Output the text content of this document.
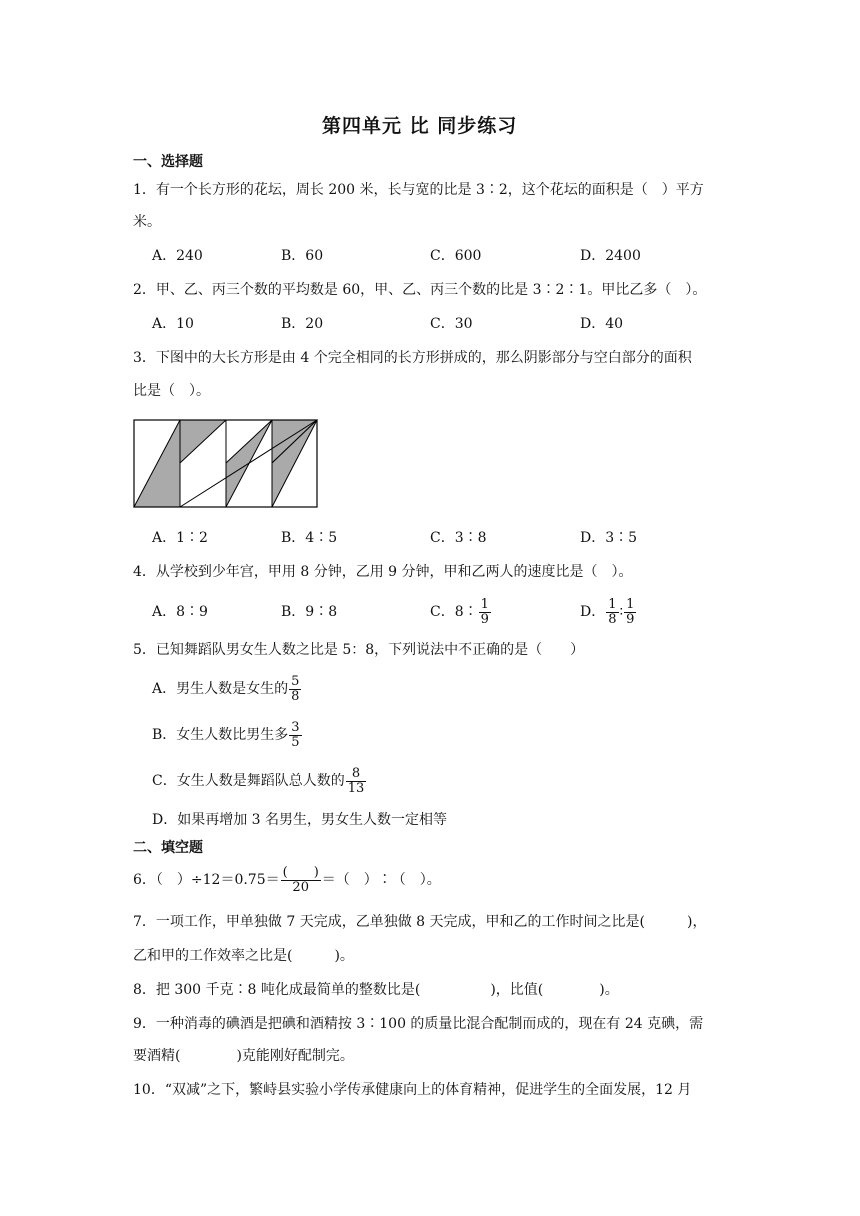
第四单元 比 同步练习
一、选择题
1．有一个长方形的花坛，周长 200 米，长与宽的比是 3∶2，这个花坛的面积是（　）平方
米。
A．240	B．60	C．600	D．2400
2．甲、乙、丙三个数的平均数是 60，甲、乙、丙三个数的比是 3∶2∶1。甲比乙多（　）。
A．10	B．20	C．30	D．40
3．下图中的大长方形是由 4 个完全相同的长方形拼成的，那么阴影部分与空白部分的面积
比是（　）。
A．1∶2	B．4∶5	C．3∶8	D．3∶5
4．从学校到少年宫，甲用 8 分钟，乙用 9 分钟，甲和乙两人的速度比是（　）。
A．8∶9	B．9∶8	C．8∶ $\frac{1}{9}$	D． $\frac{1}{8}$ ∶ $\frac{1}{9}$
5．已知舞蹈队男女生人数之比是 5：8，下列说法中不正确的是（　　）
A．男生人数是女生的 $\frac{5}{8}$
B．女生人数比男生多 $\frac{3}{5}$
C．女生人数是舞蹈队总人数的 $\frac{8}{13}$
D．如果再增加 3 名男生，男女生人数一定相等
二、填空题
6．（　）$\div 12=0.75= \frac{( )}{20}$ ＝（　）∶（　）。
7．一项工作，甲单独做 7 天完成，乙单独做 8 天完成，甲和乙的工作时间之比是(　　　)，
乙和甲的工作效率之比是(　　　)。
8．把 300 千克∶8 吨化成最简单的整数比是(　　　　　)，比值(　　　　)。
9．一种消毒的碘酒是把碘和酒精按 3∶100 的质量比混合配制而成的，现在有 24 克碘，需
要酒精(　　　　)克能刚好配制完。
10．“双减”之下，繁峙县实验小学传承健康向上的体育精神，促进学生的全面发展，12 月
